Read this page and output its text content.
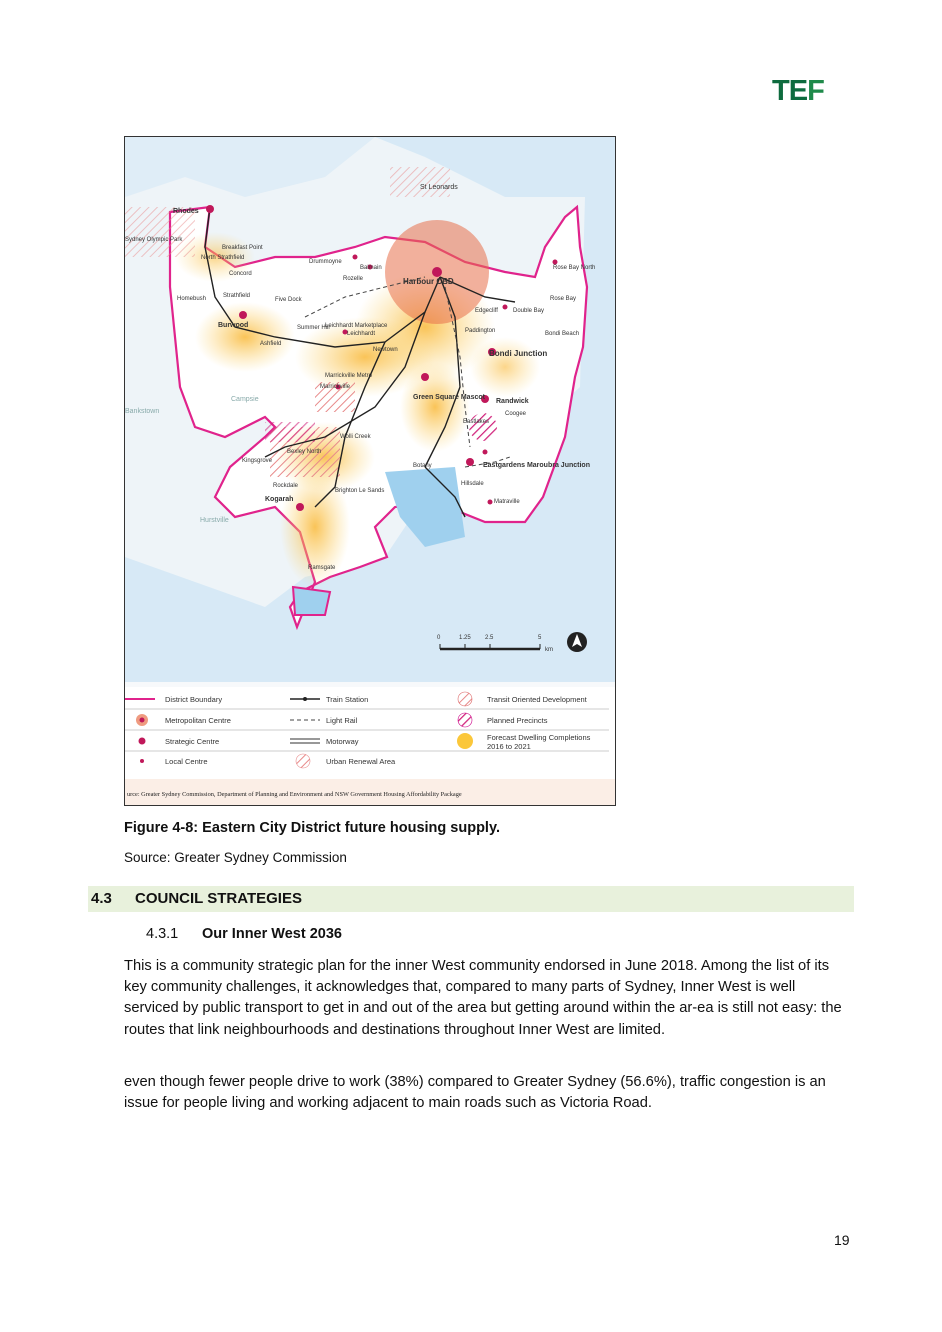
TEF
St Leonards
Rhodes
Sydney Olympic Park
Breakfast Point
North Strathfield
Concord
Drummoyne
Balmain
Rozelle	Harbour CBD
Rose Bay North
Rose Bay
Homebush	Strathfield
Five Dock
Edgecliff	Double Bay
Burwood	Summer Hill
Leichhardt Marketplace
Leichhardt	Paddington	Bondi Beach
Ashfield
Newtown	Bondi Junction
Marrickville Metro
Marrickville
Bankstown
Campsie	Green Square Mascot
Randwick
Coogee
Eastlakes
Wolli Creek
Kingsgrove
Bexley North
Botany	Eastgardens Maroubra Junction
Rockdale	Hillsdale
Kogarah
Brighton Le Sands
Matraville
Hurstville
Ramsgate
0	1.25 2.5	5
km
District Boundary
Metropolitan Centre
Strategic Centre
Local Centre
Train Station
Light Rail
Motorway
Urban Renewal Area
Transit Oriented Development
Planned Precincts
Forecast Dwelling Completions
2016 to 2021
urce: Greater Sydney Commission, Department of Planning and Environment and NSW Government Housing Affordability Package
Figure 4-8: Eastern City District future housing supply.
Source: Greater Sydney Commission
4.3 COUNCIL STRATEGIES
4.3.1 Our Inner West 2036
This is a community strategic plan for the inner West community endorsed in June 2018. Among the list of its key community challenges, it acknowledges that, compared to many parts of Sydney, Inner West is well serviced by public transport to get in and out of the area but getting around within the ar-ea is still not easy: the routes that link neighbourhoods and destinations throughout Inner West are limited.
even though fewer people drive to work (38%) compared to Greater Sydney (56.6%), traffic congestion is an issue for people living and working adjacent to main roads such as Victoria Road.
19
